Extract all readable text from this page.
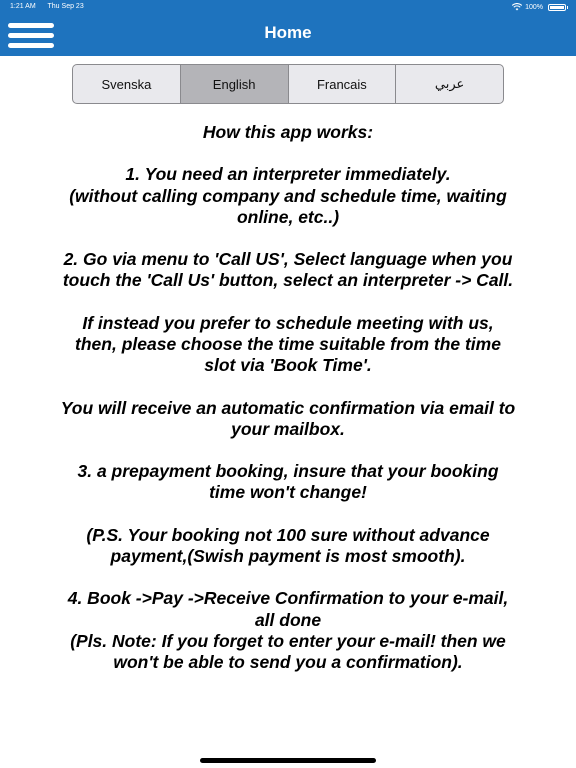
1:21 AM Thu Sep 23	100%
Home
Svenska	English	Francais	عربي

How this app works:

1. You need an interpreter immediately.
(without calling company and schedule time, waiting online, etc..)

2. Go via menu to 'Call US', Select language when you touch the 'Call Us' button, select an interpreter -> Call.

If instead you prefer to schedule meeting with us, then, please choose the time suitable from the time slot via 'Book Time'.

You will receive an automatic confirmation via email to your mailbox.

3. a prepayment booking, insure that your booking time won't change!

(P.S. Your booking not 100 sure without advance payment,(Swish payment is most smooth).

4. Book ->Pay ->Receive Confirmation to your e-mail, all done
(Pls. Note: If you forget to enter your e-mail! then we won't be able to send you a confirmation).
